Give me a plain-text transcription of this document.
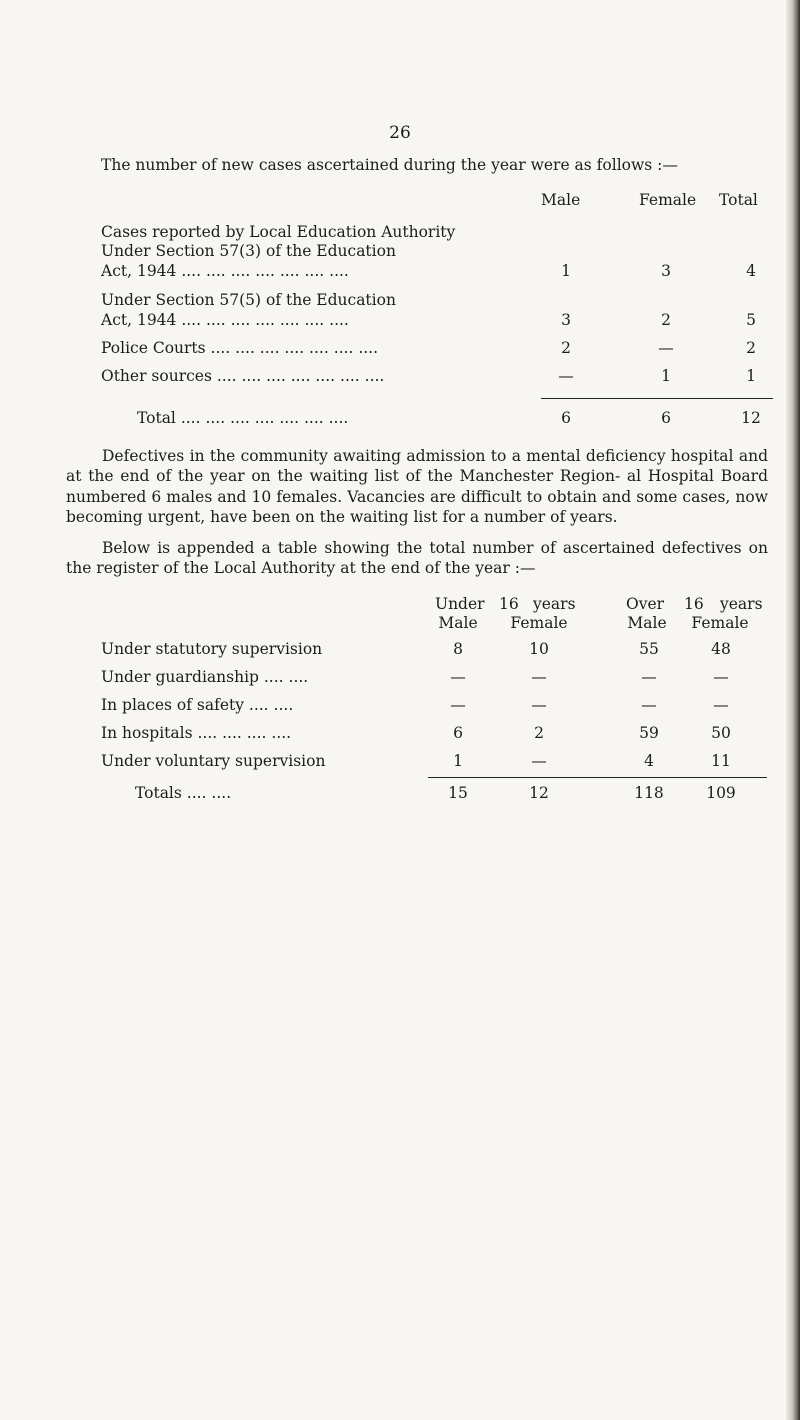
26
The number of new cases ascertained during the year were as follows :—
Male	Female Total
Cases reported by Local Education Authority
Under Section 57(3) of the Education
Act, 1944 .... .... .... .... .... .... ....	1	3	4
Under Section 57(5) of the Education
Act, 1944 .... .... .... .... .... .... ....	3	2	5
Police Courts .... .... .... .... .... .... ....	2	—	2
Other sources .... .... .... .... .... .... ....	—	1	1
Total .... .... .... .... .... .... ....	6	6	12
Defectives in the community awaiting admission to a mental deficiency hospital and at the end of the year on the waiting list of the Manchester Region- al Hospital Board numbered 6 males and 10 females. Vacancies are difficult to obtain and some cases, now becoming urgent, have been on the waiting list for a number of years.
Below is appended a table showing the total number of ascertained defectives on the register of the Local Authority at the end of the year :—
Under 16 years	Over 16 years
Male	Female	Male	Female
Under statutory supervision	8	10	55	48
Under guardianship .... ....	—	—	—	—
In places of safety .... ....	—	—	—	—
In hospitals .... .... .... ....	6	2	59	50
Under voluntary supervision	1	—	4	11
Totals .... ....	15	12	118	109
